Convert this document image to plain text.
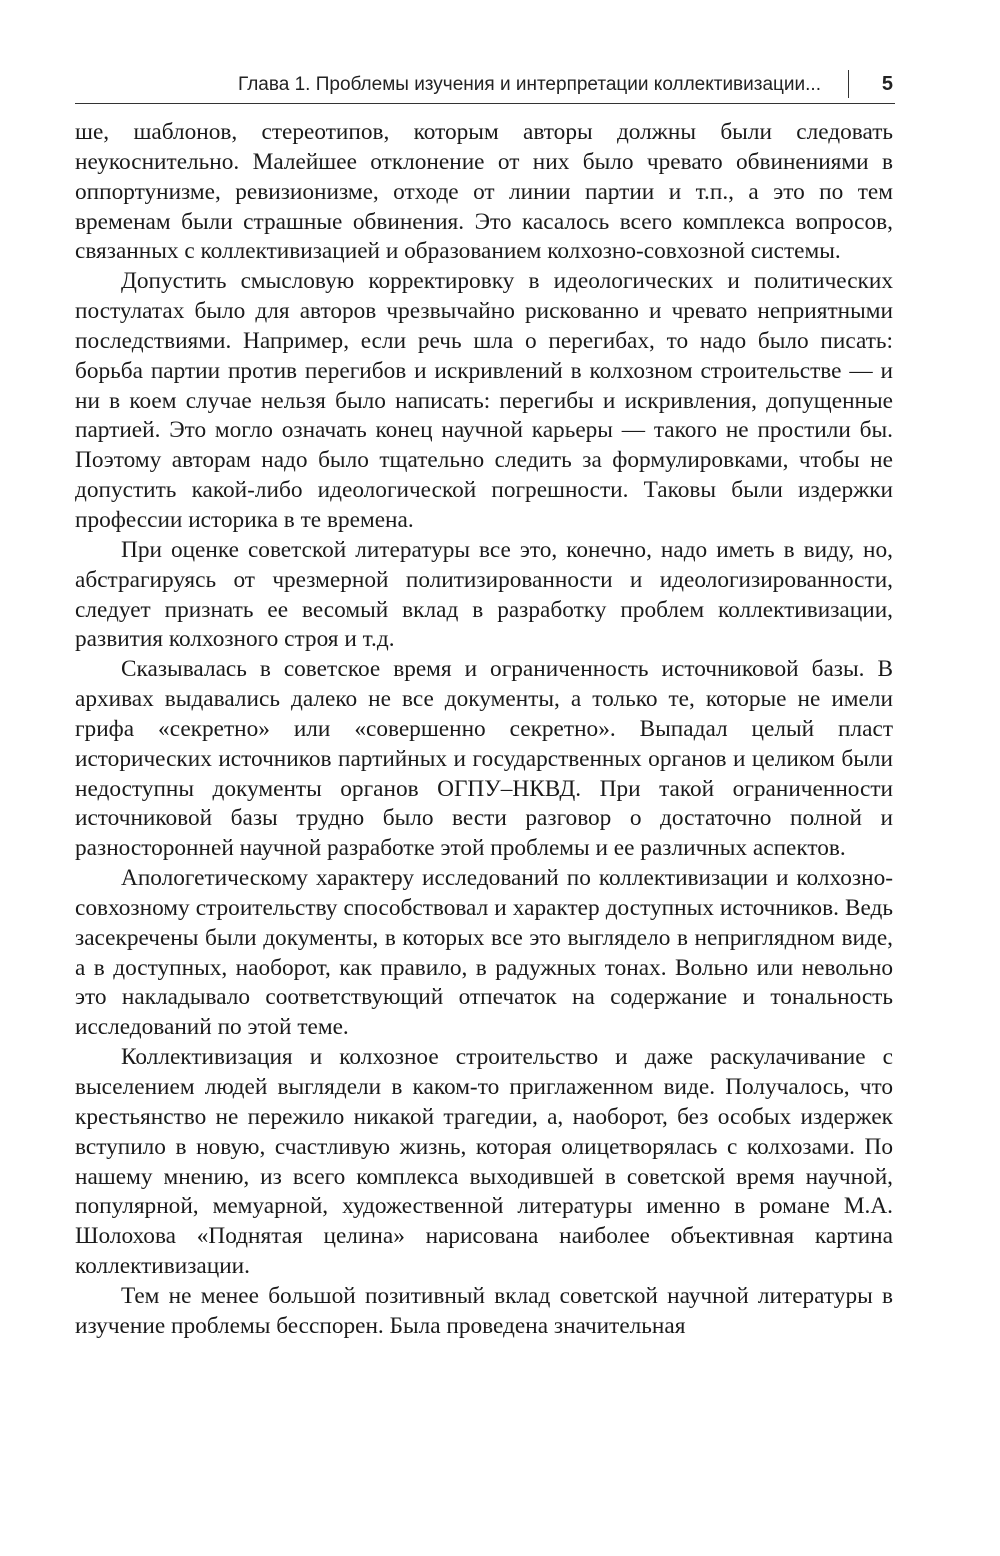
Глава 1. Проблемы изучения и интерпретации коллективизации...	5

ше, шаблонов, стереотипов, которым авторы должны были следовать неукоснительно. Малейшее отклонение от них было чревато обвинениями в оппортунизме, ревизионизме, отходе от линии партии и т.п., а это по тем временам были страшные обвинения. Это касалось всего комплекса вопросов, связанных с коллективизацией и образованием колхозно-совхозной системы.

Допустить смысловую корректировку в идеологических и политических постулатах было для авторов чрезвычайно рискованно и чревато неприятными последствиями. Например, если речь шла о перегибах, то надо было писать: борьба партии против перегибов и искривлений в колхозном строительстве — и ни в коем случае нельзя было написать: перегибы и искривления, допущенные партией. Это могло означать конец научной карьеры — такого не простили бы. Поэтому авторам надо было тщательно следить за формулировками, чтобы не допустить какой-либо идеологической погрешности. Таковы были издержки профессии историка в те времена.

При оценке советской литературы все это, конечно, надо иметь в виду, но, абстрагируясь от чрезмерной политизированности и идеологизированности, следует признать ее весомый вклад в разработку проблем коллективизации, развития колхозного строя и т.д.

Сказывалась в советское время и ограниченность источниковой базы. В архивах выдавались далеко не все документы, а только те, которые не имели грифа «секретно» или «совершенно секретно». Выпадал целый пласт исторических источников партийных и государственных органов и целиком были недоступны документы органов ОГПУ–НКВД. При такой ограниченности источниковой базы трудно было вести разговор о достаточно полной и разносторонней научной разработке этой проблемы и ее различных аспектов.

Апологетическому характеру исследований по коллективизации и колхозно-совхозному строительству способствовал и характер доступных источников. Ведь засекречены были документы, в которых все это выглядело в неприглядном виде, а в доступных, наоборот, как правило, в радужных тонах. Вольно или невольно это накладывало соответствующий отпечаток на содержание и тональность исследований по этой теме.

Коллективизация и колхозное строительство и даже раскулачивание с выселением людей выглядели в каком-то приглаженном виде. Получалось, что крестьянство не пережило никакой трагедии, а, наоборот, без особых издержек вступило в новую, счастливую жизнь, которая олицетворялась с колхозами. По нашему мнению, из всего комплекса выходившей в советской время научной, популярной, мемуарной, художественной литературы именно в романе М.А. Шолохова «Поднятая целина» нарисована наиболее объективная картина коллективизации.

Тем не менее большой позитивный вклад советской научной литературы в изучение проблемы бесспорен. Была проведена значительная
